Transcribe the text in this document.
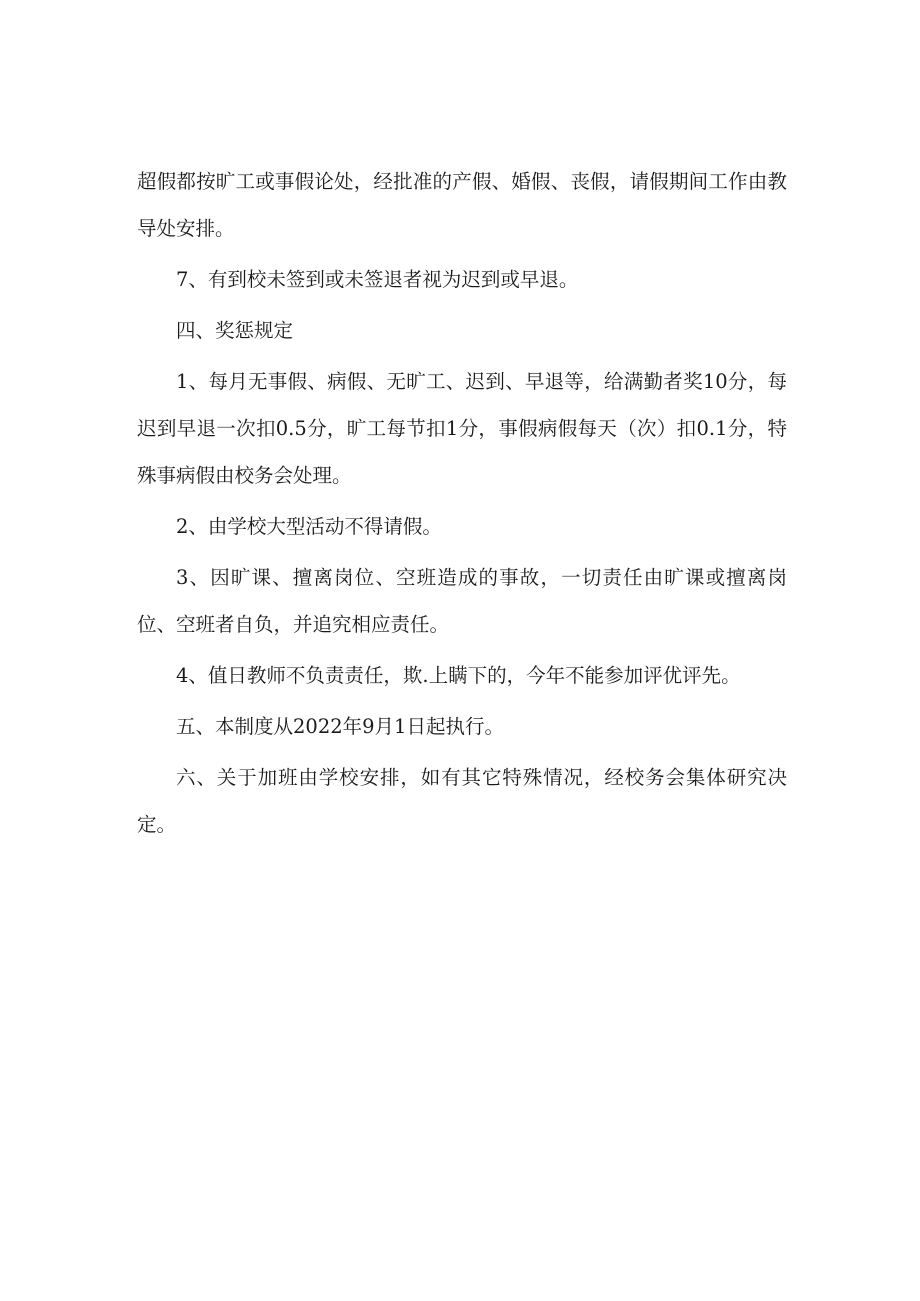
超假都按旷工或事假论处，经批准的产假、婚假、丧假，请假期间工作由教导处安排。

7、有到校未签到或未签退者视为迟到或早退。

四、奖惩规定

1、每月无事假、病假、无旷工、迟到、早退等，给满勤者奖10分，每迟到早退一次扣0.5分，旷工每节扣1分，事假病假每天（次）扣0.1分，特殊事病假由校务会处理。

2、由学校大型活动不得请假。

3、因旷课、擅离岗位、空班造成的事故，一切责任由旷课或擅离岗位、空班者自负，并追究相应责任。

4、值日教师不负责责任，欺.上瞒下的，今年不能参加评优评先。

五、本制度从2022年9月1日起执行。

六、关于加班由学校安排，如有其它特殊情况，经校务会集体研究决定。
